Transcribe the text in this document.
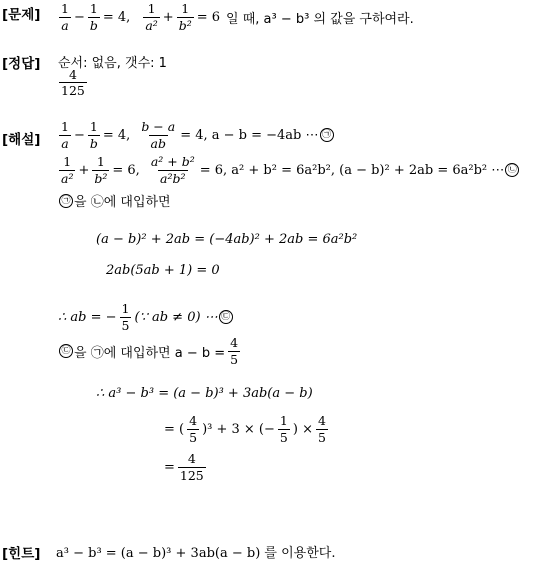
[문제]
[정답]
[해설]
[힌트]
$\frac{1}{a} - \frac{1}{b} = 4$, $\frac{1}{\text{a²}} + \frac{1}{\text{b²}} = 6$ 일 때, a³ − b³ 의 값을 구하여라.
순서: 없음, 갯수: 1
$\frac{4}{125}$
$\frac{1}{a} - \frac{1}{b} = 4$, $\frac{b - a}{ab} = 4$, a − b = −4ab ⋯ ㉠
$\frac{1}{\text{a²}} + \frac{1}{\text{b²}} = 6$, $\frac{\text{a² + b²}}{\text{a²b²}} = 6$, a² + b² = 6a²b², (a − b)² + 2ab = 6a²b² ⋯ ㉡
㉠ 을 ㉡에 대입하면
(a − b)² + 2ab = (−4ab)² + 2ab = 6a²b²
2ab(5ab + 1) = 0
∴ ab = − $\frac{1}{5}$ (∵ ab ≠ 0) ⋯ ㉢
㉢ 을 ㉠에 대입하면 $a - b = \frac{4}{5}$
∴ a³ − b³ = (a − b)³ + 3ab(a − b)
= ( $\frac{4}{5} )^3 + 3$ × (− $\frac{1}{5}$ ) × $\frac{4}{5}$
= $\frac{4}{125}$
a³ − b³ = (a − b)³ + 3ab(a − b) 를 이용한다.
